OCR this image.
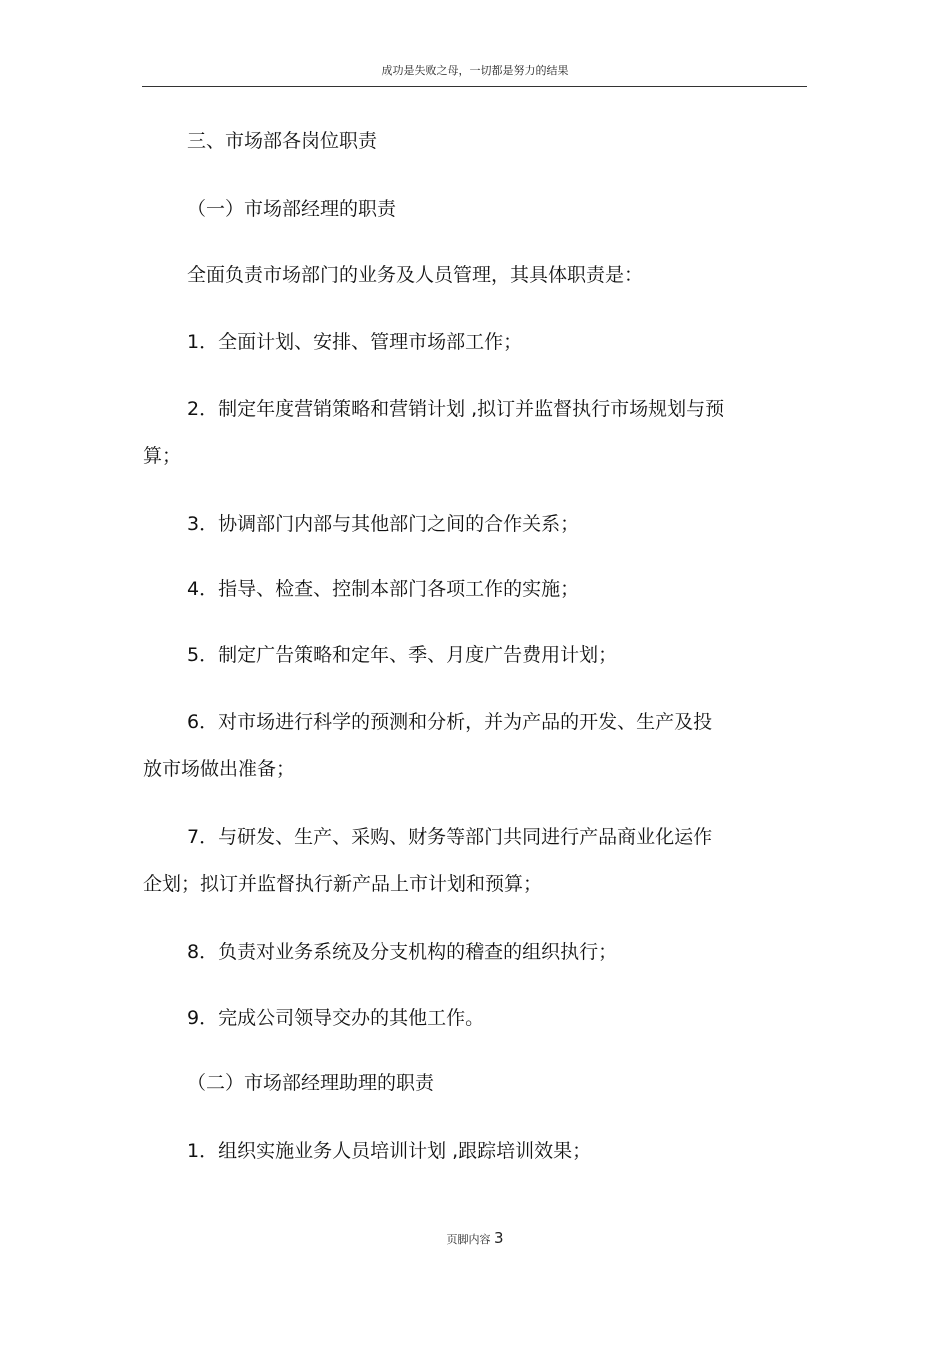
成功是失败之母，一切都是努力的结果
三、市场部各岗位职责
（一）市场部经理的职责
全面负责市场部门的业务及人员管理，其具体职责是：
1．全面计划、安排、管理市场部工作；
2．制定年度营销策略和营销计划 ,拟订并监督执行市场规划与预
算；
3．协调部门内部与其他部门之间的合作关系；
4．指导、检查、控制本部门各项工作的实施；
5．制定广告策略和定年、季、月度广告费用计划；
6．对市场进行科学的预测和分析，并为产品的开发、生产及投
放市场做出准备；
7．与研发、生产、采购、财务等部门共同进行产品商业化运作
企划；拟订并监督执行新产品上市计划和预算；
8．负责对业务系统及分支机构的稽查的组织执行；
9．完成公司领导交办的其他工作。
（二）市场部经理助理的职责
1．组织实施业务人员培训计划 ,跟踪培训效果；
页脚内容 3
